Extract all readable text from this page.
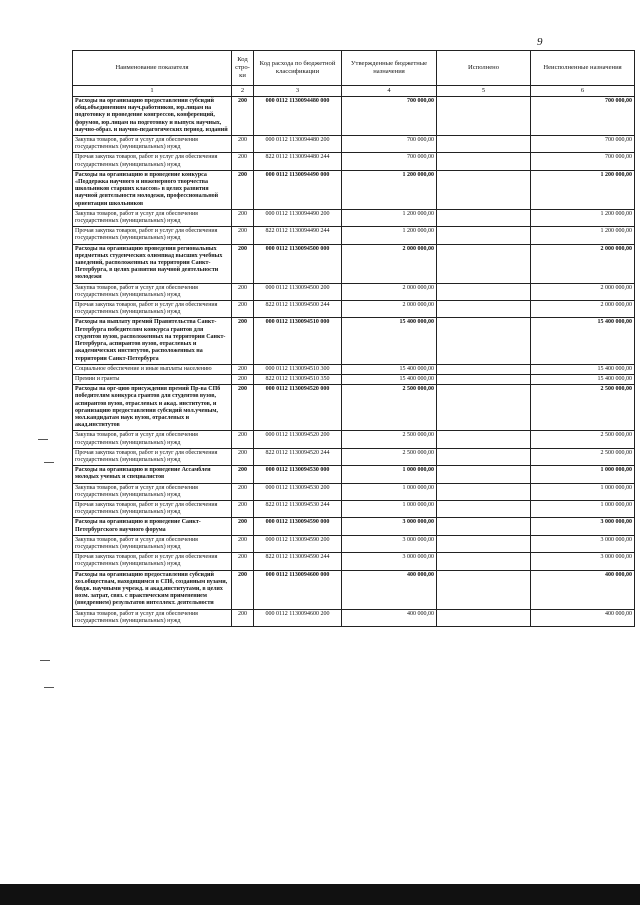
9
Наименование показателя	Код стро-ки	Код расхода по бюджетной классификации	Утвержденные бюджетные назначения	Исполнено	Неисполненные назначения
1	2	3	4	5	6
Расходы на организацию предоставления субсидий общ.объединениям науч.работников, юр.лицам на подготовку и проведение конгрессов, конференций, форумов, юр.лицам на подготовку и выпуск научных, научно-образ. и научно-педагогических период. изданий	200	000 0112 1130094480 000	700 000,00		700 000,00
Закупка товаров, работ и услуг для обеспечения государственных (муниципальных) нужд	200	000 0112 1130094480 200	700 000,00		700 000,00
Прочая закупка товаров, работ и услуг для обеспечения государственных (муниципальных) нужд	200	822 0112 1130094480 244	700 000,00		700 000,00
Расходы на организацию и проведение конкурса «Поддержка научного и инженерного творчества школьников старших классов» в целях развития научной деятельности молодежи, профессиональной ориентации школьников	200	000 0112 1130094490 000	1 200 000,00		1 200 000,00
Закупка товаров, работ и услуг для обеспечения государственных (муниципальных) нужд	200	000 0112 1130094490 200	1 200 000,00		1 200 000,00
Прочая закупка товаров, работ и услуг для обеспечения государственных (муниципальных) нужд	200	822 0112 1130094490 244	1 200 000,00		1 200 000,00
Расходы на организацию проведения региональных предметных студенческих олимпиад высших учебных заведений, расположенных на территории Санкт-Петербурга, в целях развития научной деятельности молодежи	200	000 0112 1130094500 000	2 000 000,00		2 000 000,00
Закупка товаров, работ и услуг для обеспечения государственных (муниципальных) нужд	200	000 0112 1130094500 200	2 000 000,00		2 000 000,00
Прочая закупка товаров, работ и услуг для обеспечения государственных (муниципальных) нужд	200	822 0112 1130094500 244	2 000 000,00		2 000 000,00
Расходы на выплату премий Правительства Санкт-Петербурга победителям конкурса грантов для студентов вузов, расположенных на территории Санкт-Петербурга, аспирантов вузов, отраслевых и академических институтов, расположенных на территории Санкт-Петербурга	200	000 0112 1130094510 000	15 400 000,00		15 400 000,00
Социальное обеспечение и иные выплаты населению	200	000 0112 1130094510 300	15 400 000,00		15 400 000,00
Премии и гранты	200	822 0112 1130094510 350	15 400 000,00		15 400 000,00
Расходы на орг-цию присуждения премий Пр-ва СПб победителям конкурса грантов для студентов вузов, аспирантов вузов, отраслевых и акад. институтов, и организацию предоставления субсидий мол.ученым, мол.кандидатам наук вузов, отраслевых и акад.институтов	200	000 0112 1130094520 000	2 500 000,00		2 500 000,00
Закупка товаров, работ и услуг для обеспечения государственных (муниципальных) нужд	200	000 0112 1130094520 200	2 500 000,00		2 500 000,00
Прочая закупка товаров, работ и услуг для обеспечения государственных (муниципальных) нужд	200	822 0112 1130094520 244	2 500 000,00		2 500 000,00
Расходы на организацию и проведение Ассамблеи молодых ученых и специалистов	200	000 0112 1130094530 000	1 000 000,00		1 000 000,00
Закупка товаров, работ и услуг для обеспечения государственных (муниципальных) нужд	200	000 0112 1130094530 200	1 000 000,00		1 000 000,00
Прочая закупка товаров, работ и услуг для обеспечения государственных (муниципальных) нужд	200	822 0112 1130094530 244	1 000 000,00		1 000 000,00
Расходы на организацию и проведение Санкт-Петербургского научного форума	200	000 0112 1130094590 000	3 000 000,00		3 000 000,00
Закупка товаров, работ и услуг для обеспечения государственных (муниципальных) нужд	200	000 0112 1130094590 200	3 000 000,00		3 000 000,00
Прочая закупка товаров, работ и услуг для обеспечения государственных (муниципальных) нужд	200	822 0112 1130094590 244	3 000 000,00		3 000 000,00
Расходы на организацию предоставления субсидий хоз.обществам, находящимся в СПб, созданным вузами, бюдж. научными учрежд. и акад.институтами, в целях возм. затрат, связ. с практическим применением (внедрением) результатов интеллект. деятельности	200	000 0112 1130094600 000	400 000,00		400 000,00
Закупка товаров, работ и услуг для обеспечения государственных (муниципальных) нужд	200	000 0112 1130094600 200	400 000,00		400 000,00
